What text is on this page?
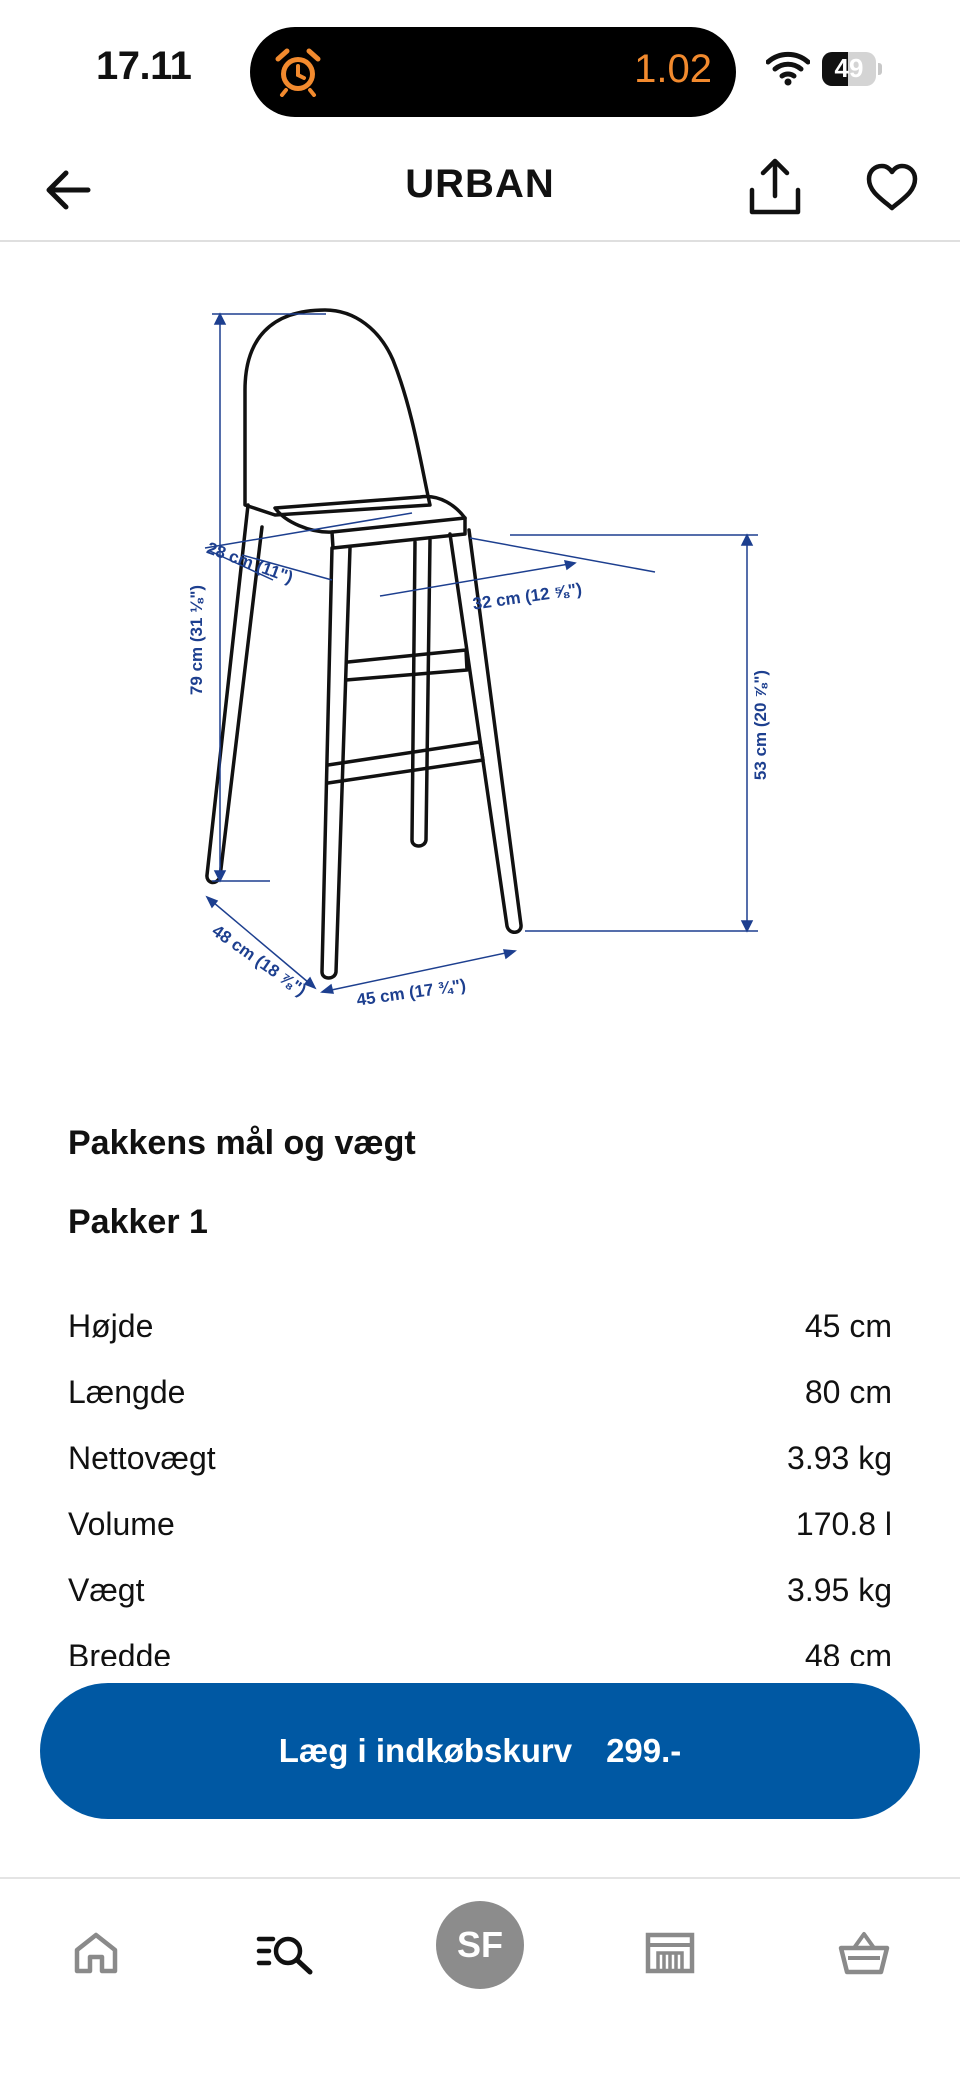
17.11	1.02	49
URBAN
79 cm (31 ⅛")
28 cm (11")
32 cm (12 ⅝")
53 cm (20 ⅞")
48 cm (18 ⅞")	45 cm (17 ¾")
Pakkens mål og vægt
Pakker 1
Højde	45 cm
Længde	80 cm
Nettovægt	3.93 kg
Volume	170.8 l
Vægt	3.95 kg
Bredde	48 cm
Læg i indkøbskurv 299.-
SF
